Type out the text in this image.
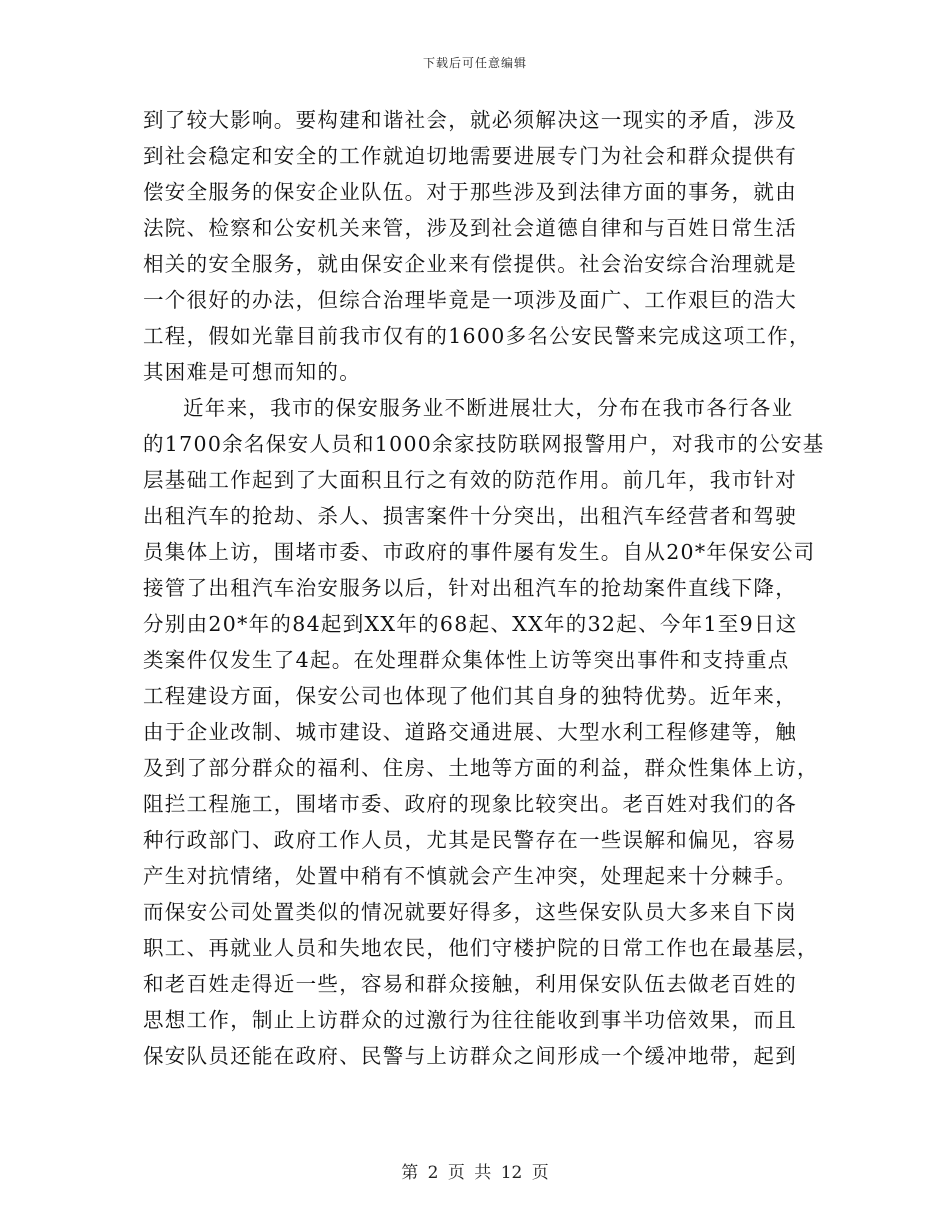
下载后可任意编辑
到了较大影响。要构建和谐社会，就必须解决这一现实的矛盾，涉及
到社会稳定和安全的工作就迫切地需要进展专门为社会和群众提供有
偿安全服务的保安企业队伍。对于那些涉及到法律方面的事务，就由
法院、检察和公安机关来管，涉及到社会道德自律和与百姓日常生活
相关的安全服务，就由保安企业来有偿提供。社会治安综合治理就是
一个很好的办法，但综合治理毕竟是一项涉及面广、工作艰巨的浩大
工程，假如光靠目前我市仅有的1600多名公安民警来完成这项工作，
其困难是可想而知的。
近年来，我市的保安服务业不断进展壮大，分布在我市各行各业
的1700余名保安人员和1000余家技防联网报警用户，对我市的公安基
层基础工作起到了大面积且行之有效的防范作用。前几年，我市针对
出租汽车的抢劫、杀人、损害案件十分突出，出租汽车经营者和驾驶
员集体上访，围堵市委、市政府的事件屡有发生。自从20*年保安公司
接管了出租汽车治安服务以后，针对出租汽车的抢劫案件直线下降，
分别由20*年的84起到XX年的68起、XX年的32起、今年1至9日这
类案件仅发生了4起。在处理群众集体性上访等突出事件和支持重点
工程建设方面，保安公司也体现了他们其自身的独特优势。近年来，
由于企业改制、城市建设、道路交通进展、大型水利工程修建等，触
及到了部分群众的福利、住房、土地等方面的利益，群众性集体上访，
阻拦工程施工，围堵市委、政府的现象比较突出。老百姓对我们的各
种行政部门、政府工作人员，尤其是民警存在一些误解和偏见，容易
产生对抗情绪，处置中稍有不慎就会产生冲突，处理起来十分棘手。
而保安公司处置类似的情况就要好得多，这些保安队员大多来自下岗
职工、再就业人员和失地农民，他们守楼护院的日常工作也在最基层，
和老百姓走得近一些，容易和群众接触，利用保安队伍去做老百姓的
思想工作，制止上访群众的过激行为往往能收到事半功倍效果，而且
保安队员还能在政府、民警与上访群众之间形成一个缓冲地带，起到
第 2 页 共 12 页
